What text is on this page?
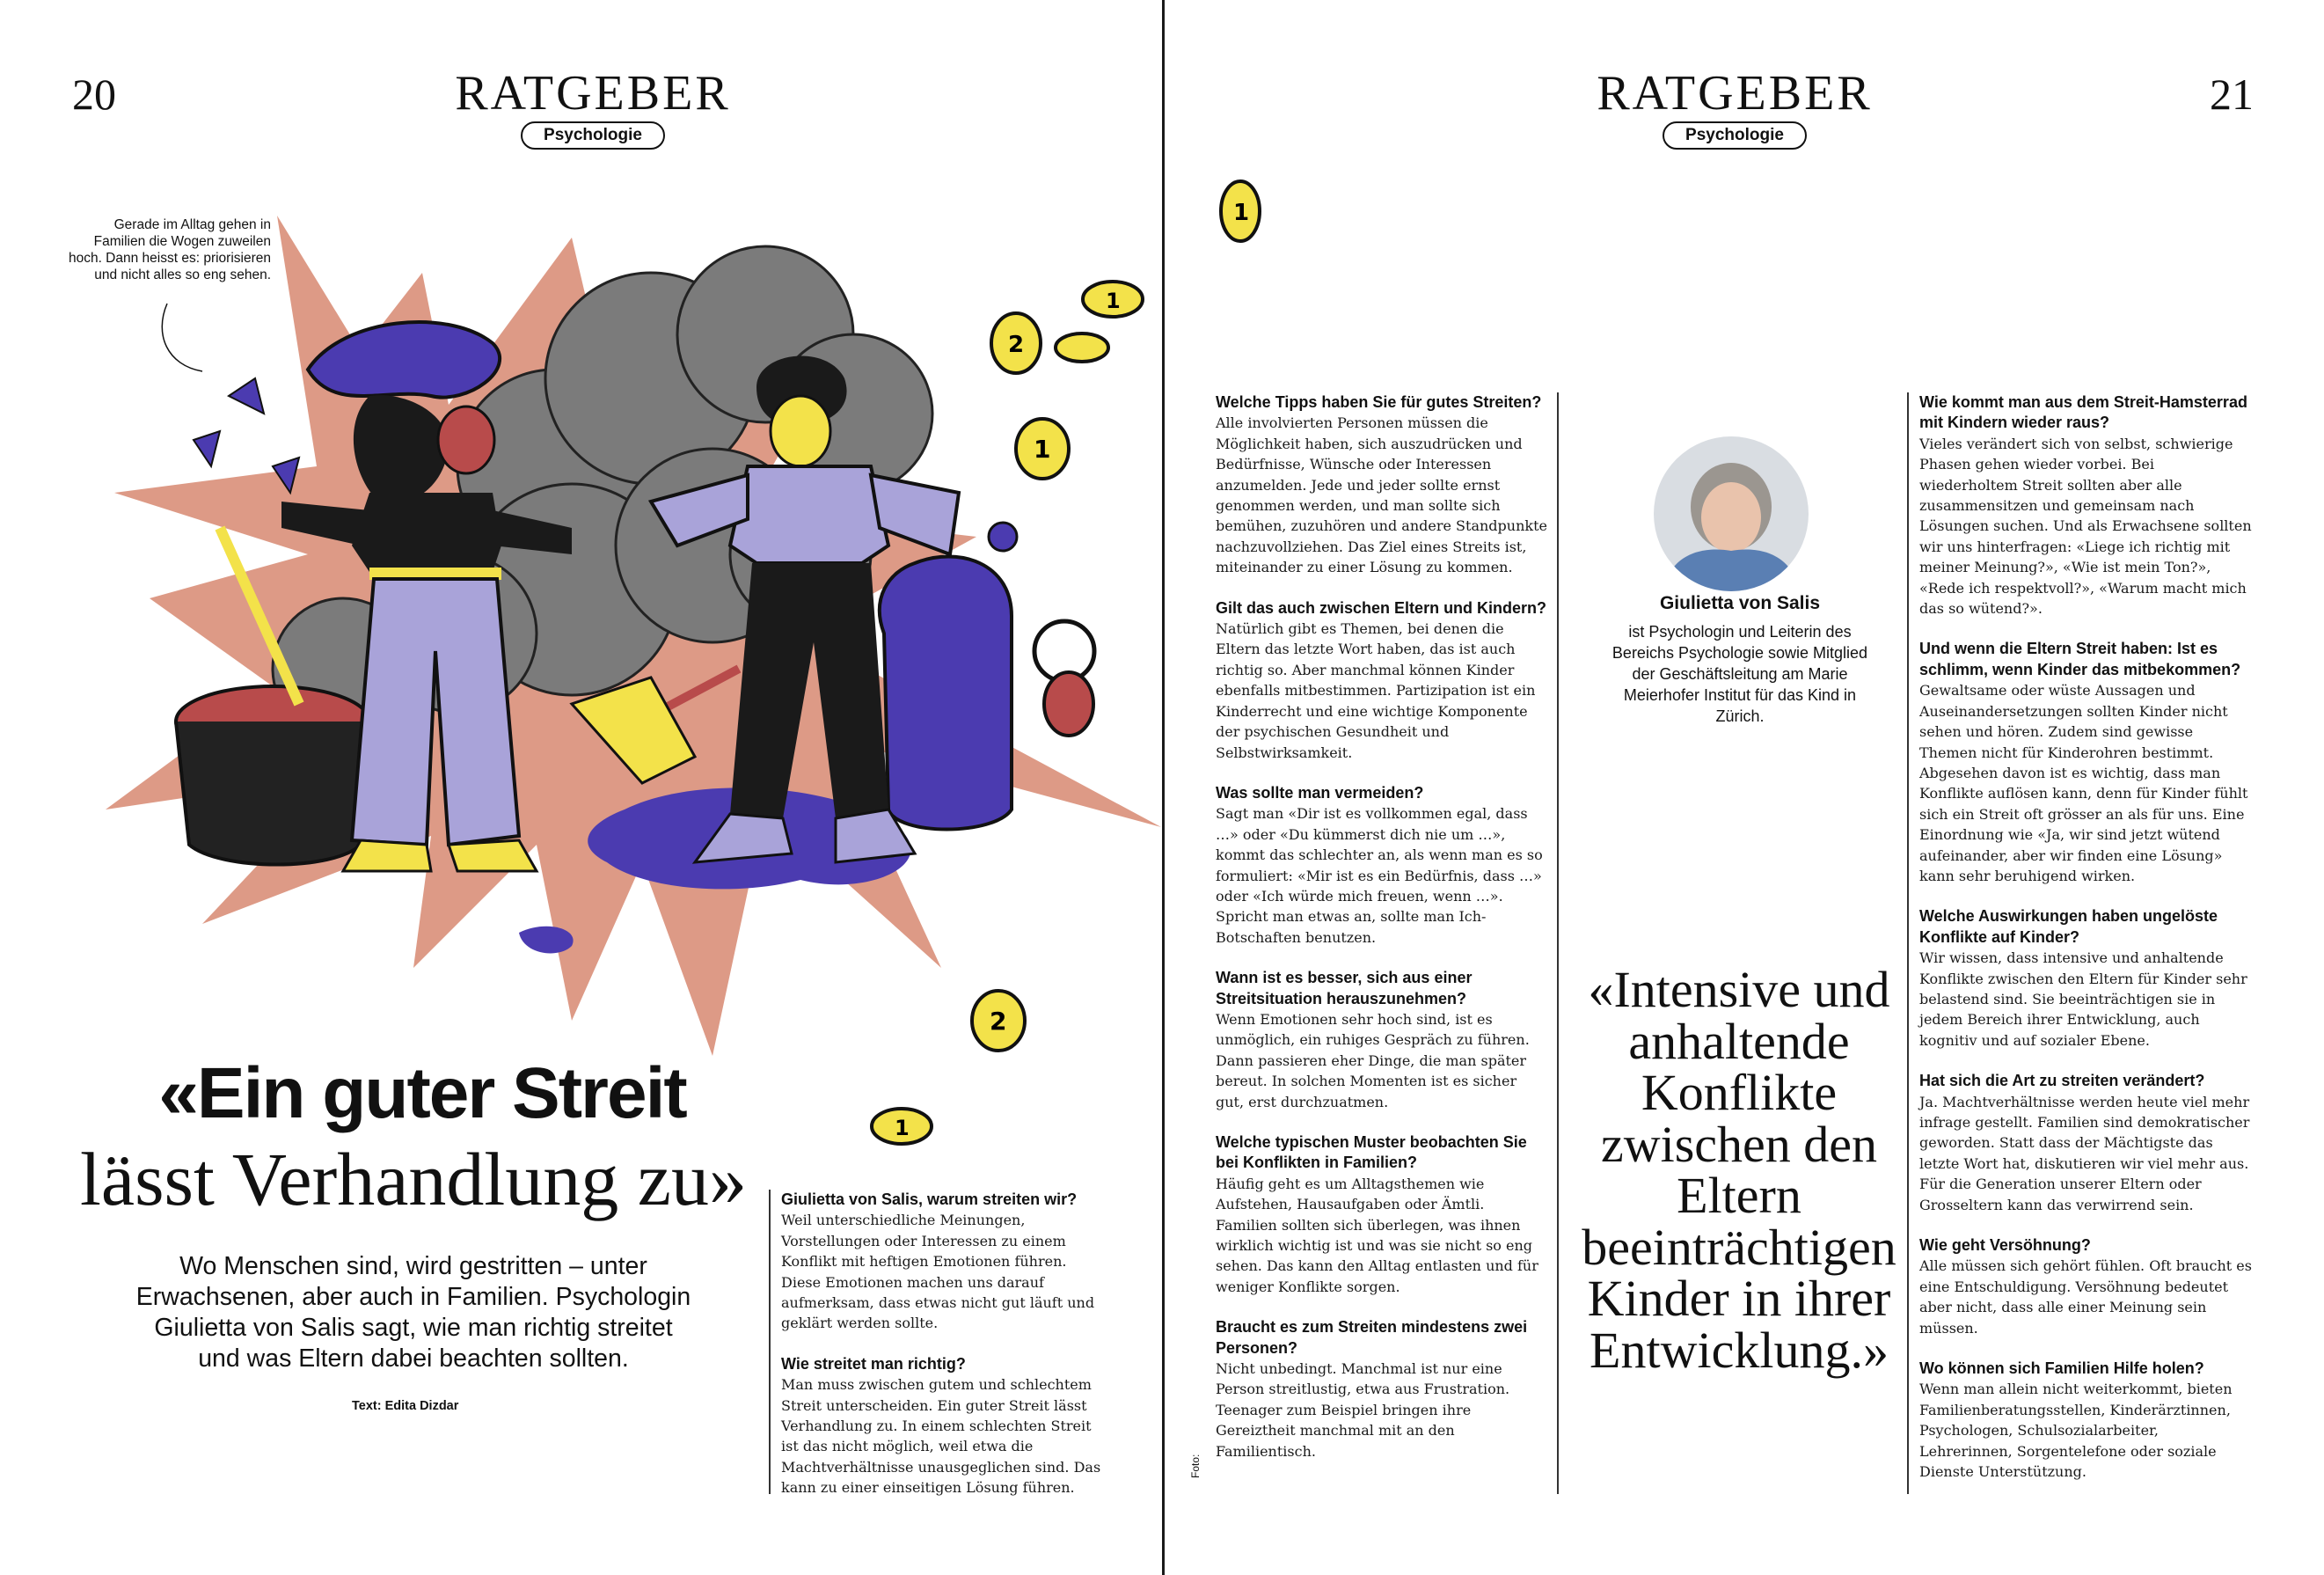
20	RATGEBER
Psychologie
Gerade im Alltag gehen in Familien die Wogen zuweilen hoch. Dann heisst es: priorisieren und nicht alles so eng sehen.
1
1
2
1
2
1
«Ein guter Streit
lässt Verhandlung zu»
Wo Menschen sind, wird gestritten – unter Erwachsenen, aber auch in Familien. Psychologin Giulietta von Salis sagt, wie man richtig streitet und was Eltern dabei beachten sollten.
Text: Edita Dizdar
Giulietta von Salis, warum streiten wir?

Weil unterschiedliche Meinungen, Vorstellungen oder Interessen zu einem Konflikt mit heftigen Emotionen führen. Diese Emotionen machen uns darauf aufmerksam, dass etwas nicht gut läuft und geklärt werden sollte.

Wie streitet man richtig?

Man muss zwischen gutem und schlechtem Streit unterscheiden. Ein guter Streit lässt Verhandlung zu. In einem schlechten Streit ist das nicht möglich, weil etwa die Machtverhältnisse unausgeglichen sind. Das kann zu einer einseitigen Lösung führen.

RATGEBER
Psychologie
21
Welche Tipps haben Sie für gutes Streiten?

Alle involvierten Personen müssen die Möglichkeit haben, sich auszudrücken und Bedürfnisse, Wünsche oder Interessen anzumelden. Jede und jeder sollte ernst genommen werden, und man sollte sich bemühen, zuzuhören und andere Standpunkte nachzuvollziehen. Das Ziel eines Streits ist, miteinander zu einer Lösung zu kommen.

Gilt das auch zwischen Eltern und Kindern?

Natürlich gibt es Themen, bei denen die Eltern das letzte Wort haben, das ist auch richtig so. Aber manchmal können Kinder ebenfalls mitbestimmen. Partizipation ist ein Kinderrecht und eine wichtige Komponente der psychischen Gesundheit und Selbstwirksamkeit.

Was sollte man vermeiden?

Sagt man «Dir ist es vollkommen egal, dass …» oder «Du kümmerst dich nie um …», kommt das schlechter an, als wenn man es so formuliert: «Mir ist es ein Bedürfnis, dass …» oder «Ich würde mich freuen, wenn …». Spricht man etwas an, sollte man Ich-Botschaften benutzen.

Wann ist es besser, sich aus einer Streitsituation herauszunehmen?

Wenn Emotionen sehr hoch sind, ist es unmöglich, ein ruhiges Gespräch zu führen. Dann passieren eher Dinge, die man später bereut. In solchen Momenten ist es sicher gut, erst durchzuatmen.

Welche typischen Muster beobachten Sie bei Konflikten in Familien?

Häufig geht es um Alltagsthemen wie Aufstehen, Hausaufgaben oder Ämtli. Familien sollten sich überlegen, was ihnen wirklich wichtig ist und was sie nicht so eng sehen. Das kann den Alltag entlasten und für weniger Konflikte sorgen.

Braucht es zum Streiten mindestens zwei Personen?

Nicht unbedingt. Manchmal ist nur eine Person streitlustig, etwa aus Frustration. Teenager zum Beispiel bringen ihre Gereiztheit manchmal mit an den Familientisch.

Foto:
Giulietta von Salis
ist Psychologin und Leiterin des Bereichs Psychologie sowie Mitglied der Geschäftsleitung am Marie Meierhofer Institut für das Kind in Zürich.
«Intensive und anhaltende Konflikte zwischen den Eltern beeinträchtigen Kinder in ihrer Entwicklung.»
Wie kommt man aus dem Streit-Hamsterrad mit Kindern wieder raus?

Vieles verändert sich von selbst, schwierige Phasen gehen wieder vorbei. Bei wiederholtem Streit sollten aber alle zusammensitzen und gemeinsam nach Lösungen suchen. Und als Erwachsene sollten wir uns hinterfragen: «Liege ich richtig mit meiner Meinung?», «Wie ist mein Ton?», «Rede ich respektvoll?», «Warum macht mich das so wütend?».

Und wenn die Eltern Streit haben: Ist es schlimm, wenn Kinder das mitbekommen?

Gewaltsame oder wüste Aussagen und Auseinandersetzungen sollten Kinder nicht sehen und hören. Zudem sind gewisse Themen nicht für Kinderohren bestimmt. Abgesehen davon ist es wichtig, dass man Konflikte auflösen kann, denn für Kinder fühlt sich ein Streit oft grösser an als für uns. Eine Einordnung wie «Ja, wir sind jetzt wütend aufeinander, aber wir finden eine Lösung» kann sehr beruhigend wirken.

Welche Auswirkungen haben ungelöste Konflikte auf Kinder?

Wir wissen, dass intensive und anhaltende Konflikte zwischen den Eltern für Kinder sehr belastend sind. Sie beeinträchtigen sie in jedem Bereich ihrer Entwicklung, auch kognitiv und auf sozialer Ebene.

Hat sich die Art zu streiten verändert?

Ja. Machtverhältnisse werden heute viel mehr infrage gestellt. Familien sind demokratischer geworden. Statt dass der Mächtigste das letzte Wort hat, diskutieren wir viel mehr aus. Für die Generation unserer Eltern oder Grosseltern kann das verwirrend sein.

Wie geht Versöhnung?

Alle müssen sich gehört fühlen. Oft braucht es eine Entschuldigung. Versöhnung bedeutet aber nicht, dass alle einer Meinung sein müssen.

Wo können sich Familien Hilfe holen?

Wenn man allein nicht weiterkommt, bieten Familienberatungsstellen, Kinderärztinnen, Psychologen, Schulsozialarbeiter, Lehrerinnen, Sorgentelefone oder soziale Dienste Unterstützung.
